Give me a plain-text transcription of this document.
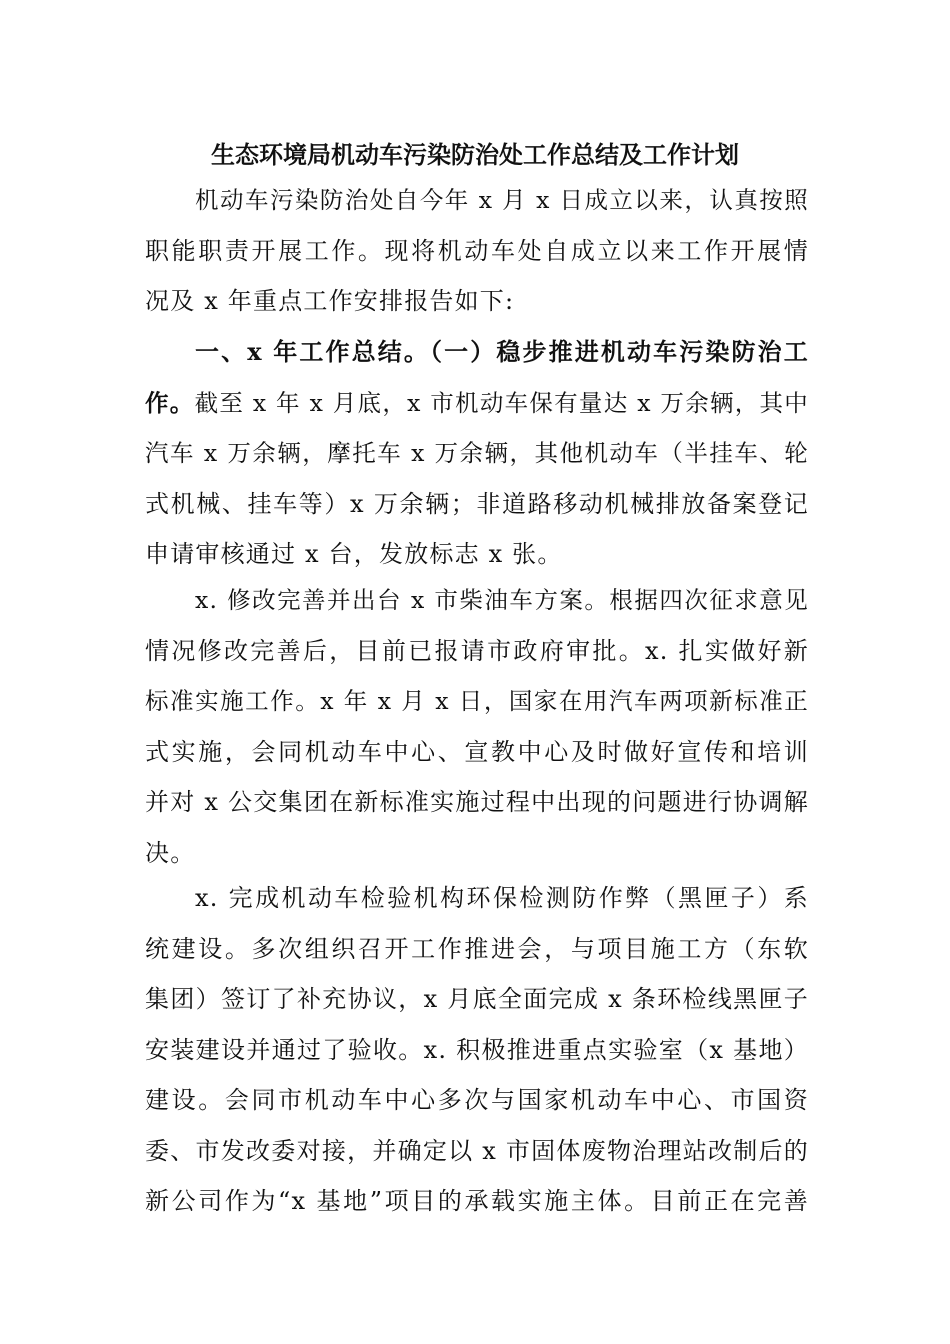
生态环境局机动车污染防治处工作总结及工作计划
机动车污染防治处自今年 x 月 x 日成立以来，认真按照
职能职责开展工作。现将机动车处自成立以来工作开展情
况及 x 年重点工作安排报告如下:
一、x 年工作总结。（一）稳步推进机动车污染防治工
作。截至 x 年 x 月底，x 市机动车保有量达 x 万余辆，其中
汽车 x 万余辆，摩托车 x 万余辆，其他机动车（半挂车、轮
式机械、挂车等）x 万余辆；非道路移动机械排放备案登记
申请审核通过 x 台，发放标志 x 张。
x. 修改完善并出台 x 市柴油车方案。根据四次征求意见
情况修改完善后，目前已报请市政府审批。x. 扎实做好新
标准实施工作。x 年 x 月 x 日，国家在用汽车两项新标准正
式实施，会同机动车中心、宣教中心及时做好宣传和培训
并对 x 公交集团在新标准实施过程中出现的问题进行协调解
决。
x. 完成机动车检验机构环保检测防作弊（黑匣子）系
统建设。多次组织召开工作推进会，与项目施工方（东软
集团）签订了补充协议，x 月底全面完成 x 条环检线黑匣子
安装建设并通过了验收。x. 积极推进重点实验室（x 基地）
建设。会同市机动车中心多次与国家机动车中心、市国资
委、市发改委对接，并确定以 x 市固体废物治理站改制后的
新公司作为“x 基地”项目的承载实施主体。目前正在完善
